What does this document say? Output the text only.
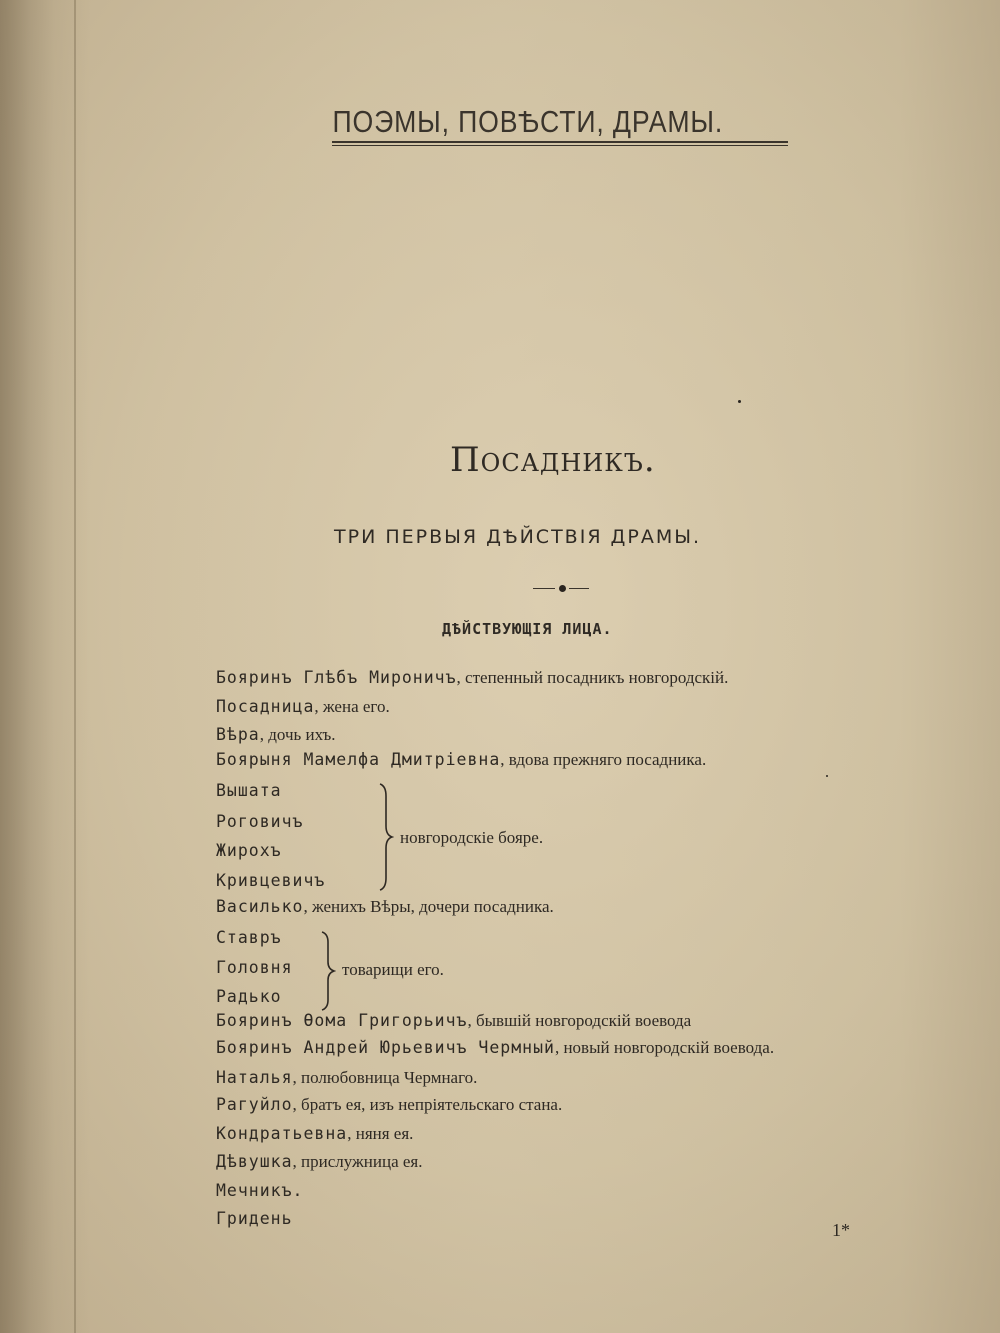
ПОЭМЫ, ПОВѢСТИ, ДРАМЫ.
Посадникъ.
ТРИ ПЕРВЫЯ ДѢЙСТВІЯ ДРАМЫ.
ДѢЙСТВУЮЩІЯ ЛИЦА.
Бояринъ Глѣбъ Мироничъ, степенный посадникъ новгородскій.
Посадница, жена его.
Вѣра, дочь ихъ.
Боярыня Мамелфа Дмитріевна, вдова прежняго посадника.
Вышата
Роговичъ
Жирохъ
Кривцевичъ
новгородскіе бояре.
Василько, женихъ Вѣры, дочери посадника.
Ставръ
Головня
Радько
товарищи его.
Бояринъ Ѳома Григорьичъ, бывшій новгородскій воевода
Бояринъ Андрей Юрьевичъ Чермный, новый новгородскій воевода.
Наталья, полюбовница Чермнаго.
Рагуйло, братъ ея, изъ непріятельскаго стана.
Кондратьевна, няня ея.
Дѣвушка, прислужница ея.
Мечникъ.
Гридень
1*
